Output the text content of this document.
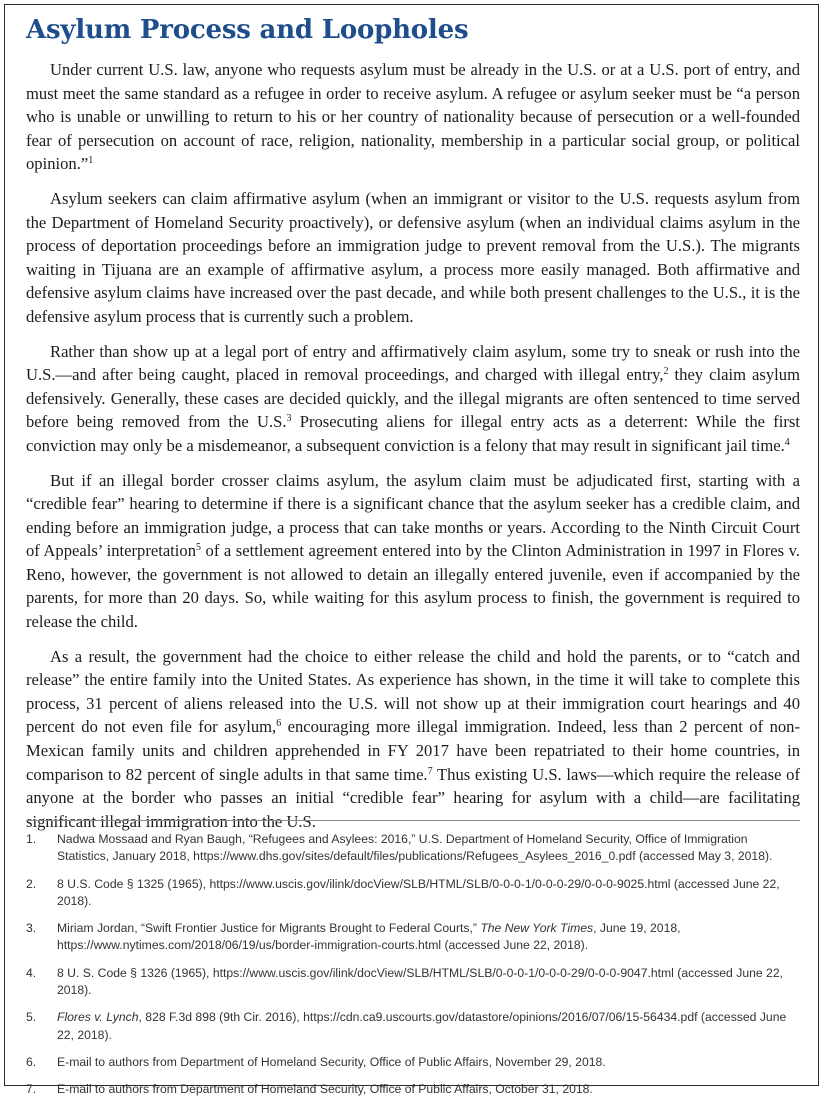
Asylum Process and Loopholes

Under current U.S. law, anyone who requests asylum must be already in the U.S. or at a U.S. port of entry, and must meet the same standard as a refugee in order to receive asylum. A refugee or asylum seeker must be “a person who is unable or unwilling to return to his or her country of nationality because of persecution or a well-founded fear of persecution on account of race, religion, nationality, membership in a particular social group, or political opinion.”$^1$

Asylum seekers can claim affirmative asylum (when an immigrant or visitor to the U.S. requests asylum from the Department of Homeland Security proactively), or defensive asylum (when an individual claims asylum in the process of deportation proceedings before an immigration judge to prevent removal from the U.S.). The migrants waiting in Tijuana are an example of affirmative asylum, a process more easily managed. Both affirmative and defensive asylum claims have increased over the past decade, and while both present challenges to the U.S., it is the defensive asylum process that is currently such a problem.

Rather than show up at a legal port of entry and affirmatively claim asylum, some try to sneak or rush into the U.S.—and after being caught, placed in removal proceedings, and charged with illegal entry,$^2$ they claim asylum defensively. Generally, these cases are decided quickly, and the illegal migrants are often sentenced to time served before being removed from the U.S.$^3$ Prosecuting aliens for illegal entry acts as a deterrent: While the first conviction may only be a misdemeanor, a subsequent conviction is a felony that may result in significant jail time.$^4$

But if an illegal border crosser claims asylum, the asylum claim must be adjudicated first, starting with a “credible fear” hearing to determine if there is a significant chance that the asylum seeker has a credible claim, and ending before an immigration judge, a process that can take months or years. According to the Ninth Circuit Court of Appeals’ interpretation$^5$ of a settlement agreement entered into by the Clinton Administration in 1997 in Flores v. Reno, however, the government is not allowed to detain an illegally entered juvenile, even if accompanied by the parents, for more than 20 days. So, while waiting for this asylum process to finish, the government is required to release the child.

As a result, the government had the choice to either release the child and hold the parents, or to “catch and release” the entire family into the United States. As experience has shown, in the time it will take to complete this process, 31 percent of aliens released into the U.S. will not show up at their immigration court hearings and 40 percent do not even file for asylum,$^6$ encouraging more illegal immigration. Indeed, less than 2 percent of non-Mexican family units and children apprehended in FY 2017 have been repatriated to their home countries, in comparison to 82 percent of single adults in that same time.$^7$ Thus existing U.S. laws—which require the release of anyone at the border who passes an initial “credible fear” hearing for asylum with a child—are facilitating significant illegal immigration into the U.S.

1.	Nadwa Mossaad and Ryan Baugh, “Refugees and Asylees: 2016,” U.S. Department of Homeland Security, Office of Immigration Statistics, January 2018, https://www.dhs.gov/sites/default/files/publications/Refugees_Asylees_2016_0.pdf (accessed May 3, 2018).
2.	8 U.S. Code § 1325 (1965), https://www.uscis.gov/ilink/docView/SLB/HTML/SLB/0-0-0-1/0-0-0-29/0-0-0-9025.html (accessed June 22, 2018).
3.	Miriam Jordan, “Swift Frontier Justice for Migrants Brought to Federal Courts,” The New York Times, June 19, 2018, https://www.nytimes.com/2018/06/19/us/border-immigration-courts.html (accessed June 22, 2018).
4.	8 U. S. Code § 1326 (1965), https://www.uscis.gov/ilink/docView/SLB/HTML/SLB/0-0-0-1/0-0-0-29/0-0-0-9047.html (accessed June 22, 2018).
5.	Flores v. Lynch, 828 F.3d 898 (9th Cir. 2016), https://cdn.ca9.uscourts.gov/datastore/opinions/2016/07/06/15-56434.pdf (accessed June 22, 2018).
6.	E-mail to authors from Department of Homeland Security, Office of Public Affairs, November 29, 2018.
7.	E-mail to authors from Department of Homeland Security, Office of Public Affairs, October 31, 2018.
